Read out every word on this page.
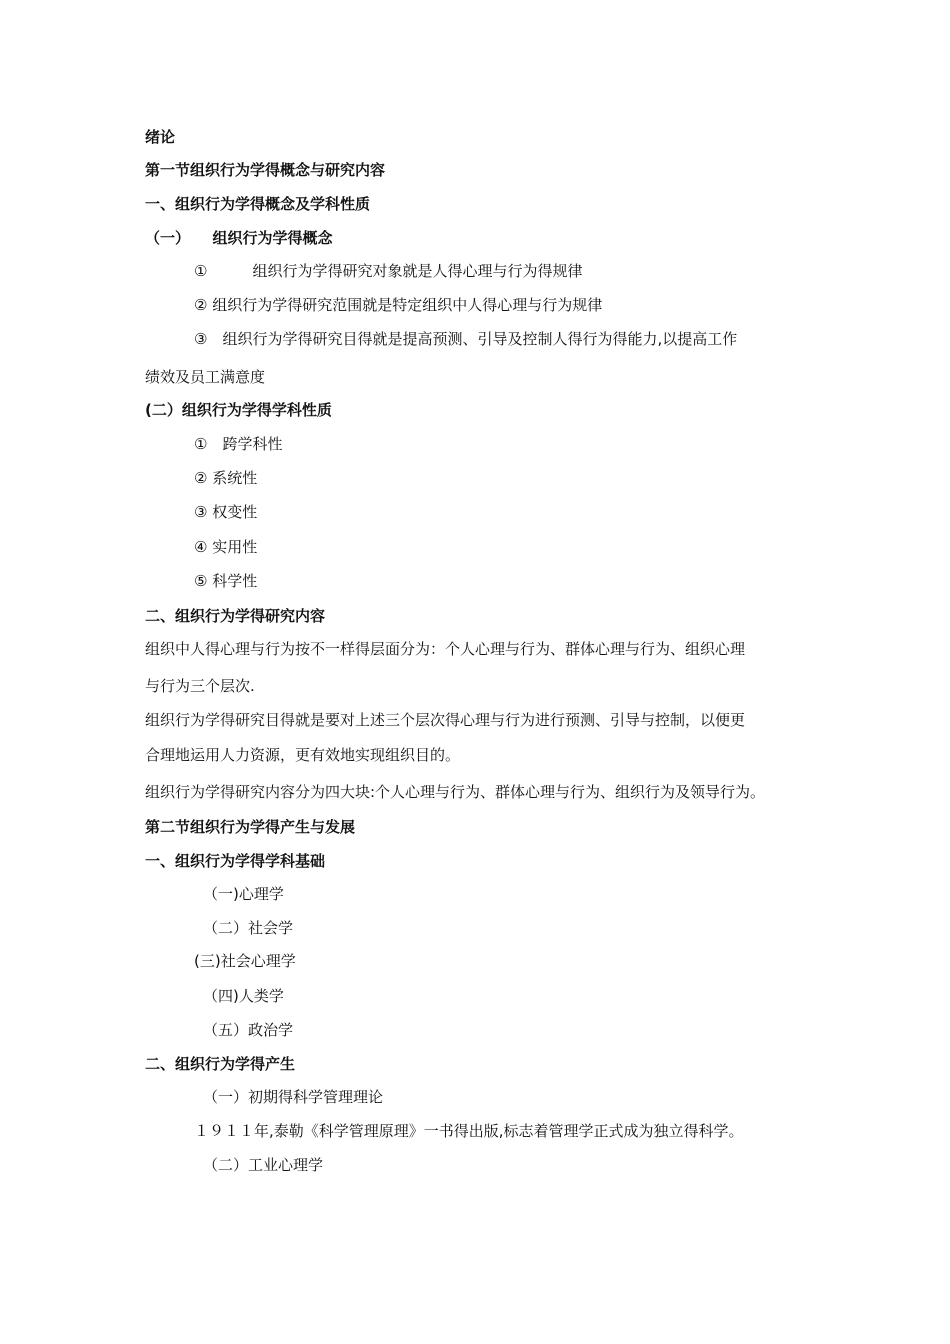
绪论
第一节组织行为学得概念与研究内容
一、组织行为学得概念及学科性质
（一）　　组织行为学得概念
①　　　组织行为学得研究对象就是人得心理与行为得规律
② 组织行为学得研究范围就是特定组织中人得心理与行为规律
③　组织行为学得研究目得就是提高预测、引导及控制人得行为得能力,以提高工作
绩效及员工满意度
(二）组织行为学得学科性质
①　跨学科性
② 系统性
③ 权变性
④ 实用性
⑤ 科学性
二、组织行为学得研究内容
组织中人得心理与行为按不一样得层面分为：个人心理与行为、群体心理与行为、组织心理
与行为三个层次.
组织行为学得研究目得就是要对上述三个层次得心理与行为进行预测、引导与控制，以便更
合理地运用人力资源，更有效地实现组织目的。
组织行为学得研究内容分为四大块:个人心理与行为、群体心理与行为、组织行为及领导行为。
第二节组织行为学得产生与发展
一、组织行为学得学科基础
（一)心理学
（二）社会学
(三)社会心理学
（四)人类学
（五）政治学
二、组织行为学得产生
（一）初期得科学管理理论
１９１１年,泰勒《科学管理原理》一书得出版,标志着管理学正式成为独立得科学。
（二）工业心理学
